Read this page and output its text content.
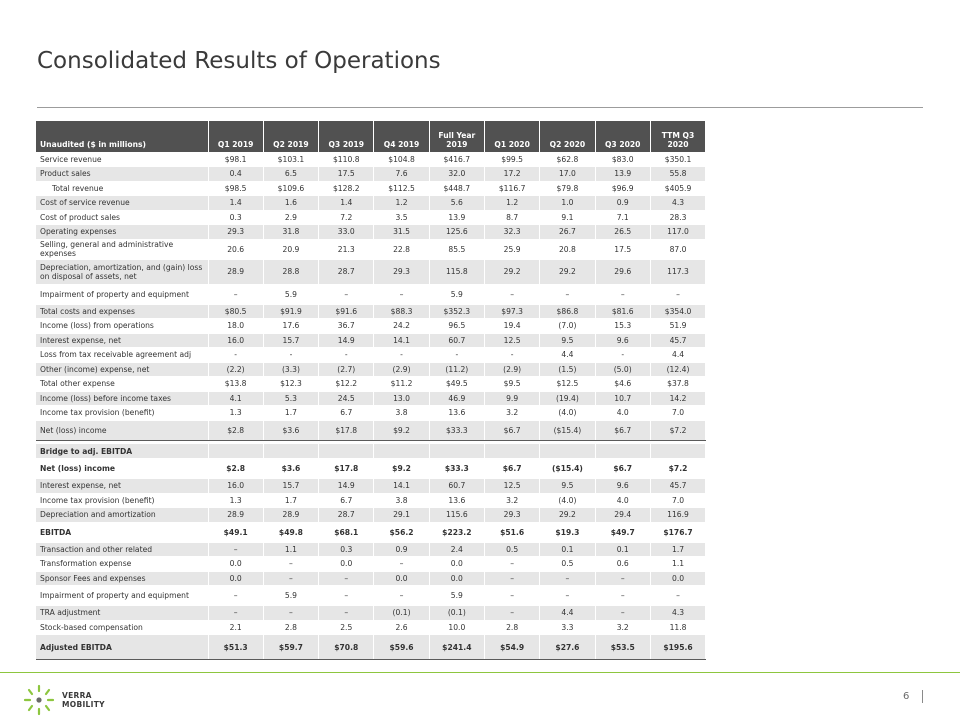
Consolidated Results of Operations
Unaudited ($ in millions)	Q1 2019	Q2 2019	Q3 2019	Q4 2019	Full Year 2019	Q1 2020	Q2 2020	Q3 2020	TTM Q3 2020
Service revenue	$98.1	$103.1	$110.8	$104.8	$416.7	$99.5	$62.8	$83.0	$350.1
Product sales	0.4	6.5	17.5	7.6	32.0	17.2	17.0	13.9	55.8
Total revenue	$98.5	$109.6	$128.2	$112.5	$448.7	$116.7	$79.8	$96.9	$405.9
Cost of service revenue	1.4	1.6	1.4	1.2	5.6	1.2	1.0	0.9	4.3
Cost of product sales	0.3	2.9	7.2	3.5	13.9	8.7	9.1	7.1	28.3
Operating expenses	29.3	31.8	33.0	31.5	125.6	32.3	26.7	26.5	117.0
Selling, general and administrative expenses	20.6	20.9	21.3	22.8	85.5	25.9	20.8	17.5	87.0
Depreciation, amortization, and (gain) loss on disposal of assets, net	28.9	28.8	28.7	29.3	115.8	29.2	29.2	29.6	117.3
Impairment of property and equipment	–	5.9	–	–	5.9	–	–	–	–
Total costs and expenses	$80.5	$91.9	$91.6	$88.3	$352.3	$97.3	$86.8	$81.6	$354.0
Income (loss) from operations	18.0	17.6	36.7	24.2	96.5	19.4	(7.0)	15.3	51.9
Interest expense, net	16.0	15.7	14.9	14.1	60.7	12.5	9.5	9.6	45.7
Loss from tax receivable agreement adj	-	-	-	-	-	-	4.4	-	4.4
Other (income) expense, net	(2.2)	(3.3)	(2.7)	(2.9)	(11.2)	(2.9)	(1.5)	(5.0)	(12.4)
Total other expense	$13.8	$12.3	$12.2	$11.2	$49.5	$9.5	$12.5	$4.6	$37.8
Income (loss) before income taxes	4.1	5.3	24.5	13.0	46.9	9.9	(19.4)	10.7	14.2
Income tax provision (benefit)	1.3	1.7	6.7	3.8	13.6	3.2	(4.0)	4.0	7.0
Net (loss) income	$2.8	$3.6	$17.8	$9.2	$33.3	$6.7	($15.4)	$6.7	$7.2

Bridge to adj. EBITDA									
Net (loss) income	$2.8	$3.6	$17.8	$9.2	$33.3	$6.7	($15.4)	$6.7	$7.2
Interest expense, net	16.0	15.7	14.9	14.1	60.7	12.5	9.5	9.6	45.7
Income tax provision (benefit)	1.3	1.7	6.7	3.8	13.6	3.2	(4.0)	4.0	7.0
Depreciation and amortization	28.9	28.9	28.7	29.1	115.6	29.3	29.2	29.4	116.9
EBITDA	$49.1	$49.8	$68.1	$56.2	$223.2	$51.6	$19.3	$49.7	$176.7
Transaction and other related	–	1.1	0.3	0.9	2.4	0.5	0.1	0.1	1.7
Transformation expense	0.0	–	0.0	–	0.0	–	0.5	0.6	1.1
Sponsor Fees and expenses	0.0	–	–	0.0	0.0	–	–	–	0.0
Impairment of property and equipment	–	5.9	–	–	5.9	–	–	–	–
TRA adjustment	–	–	–	(0.1)	(0.1)	–	4.4	–	4.3
Stock-based compensation	2.1	2.8	2.5	2.6	10.0	2.8	3.3	3.2	11.8
Adjusted EBITDA	$51.3	$59.7	$70.8	$59.6	$241.4	$54.9	$27.6	$53.5	$195.6
VERRA
MOBILITY
6
